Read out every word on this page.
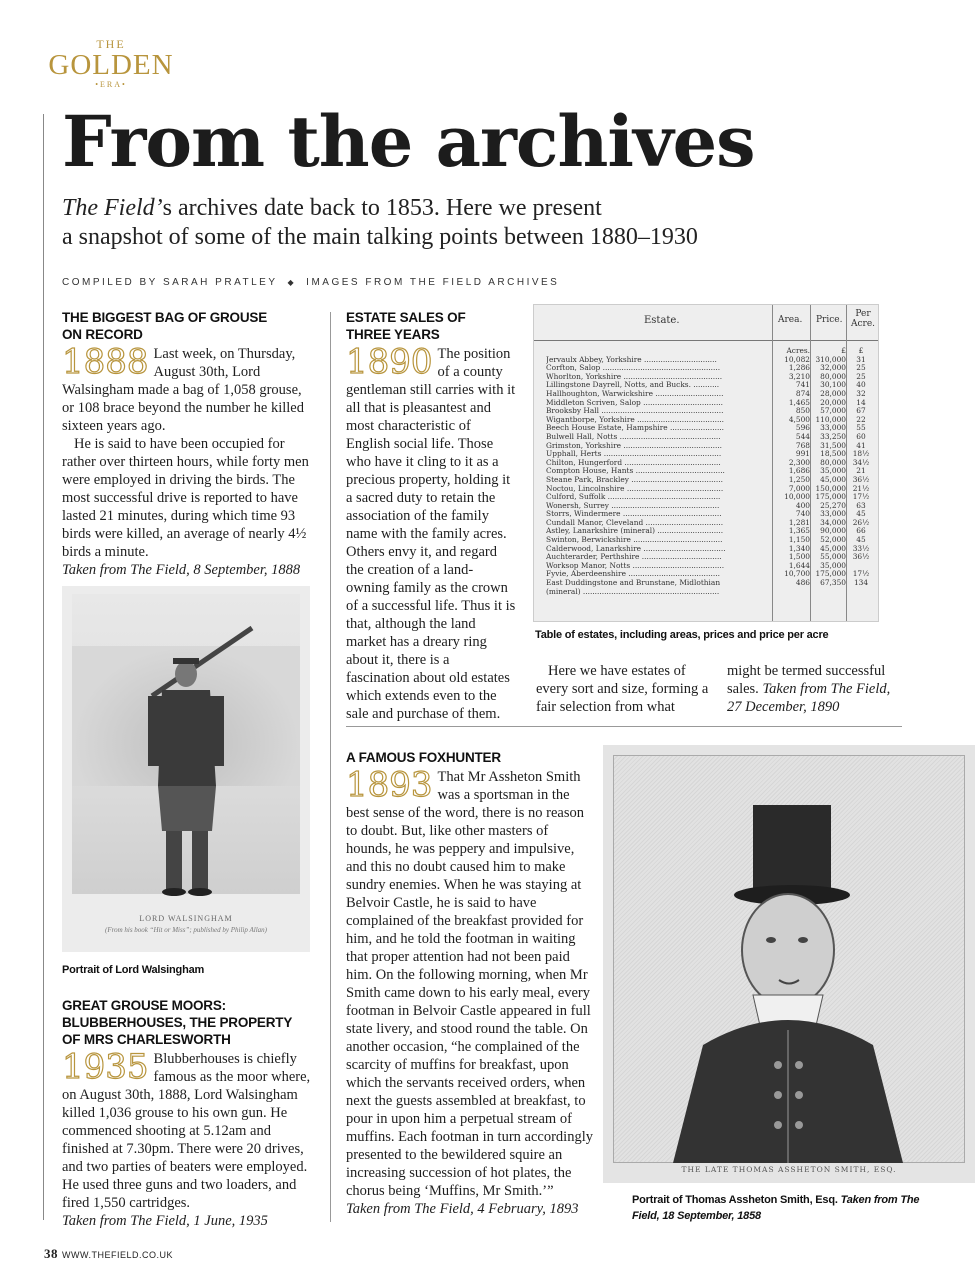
THE
GOLDEN
•ERA•
From the archives
The Field’s archives date back to 1853. Here we present
a snapshot of some of the main talking points between 1880–1930
COMPILED BY SARAH PRATLEY ◆ IMAGES FROM THE FIELD ARCHIVES
THE BIGGEST BAG OF GROUSE
ON RECORD

1888 Last week, on Thursday, August 30th, Lord Walsingham made a bag of 1,058 grouse, or 108 brace beyond the number he killed sixteen years ago.

He is said to have been occupied for rather over thirteen hours, while forty men were employed in driving the birds. The most successful drive is reported to have lasted 21 minutes, during which time 93 birds were killed, an average of nearly 4½ birds a minute.

Taken from The Field, 8 September, 1888

LORD WALSINGHAM
(From his book “Hit or Miss”; published by Philip Allan)
Portrait of Lord Walsingham
GREAT GROUSE MOORS:
BLUBBERHOUSES, THE PROPERTY
OF MRS CHARLESWORTH

1935 Blubberhouses is chiefly famous as the moor where, on August 30th, 1888, Lord Walsingham killed 1,036 grouse to his own gun. He commenced shooting at 5.12am and finished at 7.30pm. There were 20 drives, and two parties of beaters were employed. He used three guns and two loaders, and fired 1,550 cartridges.

Taken from The Field, 1 June, 1935

ESTATE SALES OF
THREE YEARS

1890 The position of a county gentleman still carries with it all that is pleasantest and most characteristic of English social life. Those who have it cling to it as a precious property, holding it a sacred duty to retain the association of the family name with the family acres. Others envy it, and regard the creation of a land-owning family as the crown of a successful life. Thus it is that, although the land market has a dreary ring about it, there is a fascination about old estates which extends even to the sale and purchase of them.

Estate.	Area. Price.
Per Acre.
Acres.	£	£
Jervaulx Abbey, Yorkshire ...............................	10,082 310,000	31
Corfton, Salop ..................................................	1,286	32,000	25
Whorlton, Yorkshire ..........................................	3,210	80,000	25
Lillingstone Dayrell, Notts, and Bucks. ...........	741	30,100	40
Hallhoughton, Warwickshire .............................	874	28,000	32
Middleton Scriven, Salop ..................................	1,465	20,000	14
Brooksby Hall ....................................................	850	57,000	67
Wigantborpe, Yorkshire .....................................	4,500 110,000	22
Beech House Estate, Hampshire .......................	596	33,000	55
Bulwell Hall, Notts ...........................................	544	33,250	60
Grimston, Yorkshire ..........................................	768	31,500	41
Upphall, Herts ..................................................	991	18,500 18½
Chilton, Hungerford .........................................	2,300	80,000 34½
Compton House, Hants ......................................	1,686	35,000	21
Steane Park, Brackley .......................................	1,250	45,000 36½
Noctou, Lincolnshire .........................................	7,000 150,000 21½
Culford, Suffolk ................................................	10,000 175,000 17½
Wonersh, Surrey ..............................................	400	25,270	63
Storrs, Windermere ..........................................	740	33,000	45
Cundall Manor, Cleveland .................................	1,281	34,000 26½
Astley, Lanarkshire (mineral) ............................	1,365	90,000	66
Swinton, Berwickshire ......................................	1,150	52,000	45
Calderwood, Lanarkshire ...................................	1,340	45,000 33½
Auchterarder, Perthshire ..................................	1,500	55,000 36½
Worksop Manor, Notts .......................................	1,644	35,000
Fyvie, Aberdeenshire .......................................	10,700 175,000 17½
East Duddingstone and Brunstane, Midlothian	486	67,350	134
(mineral) ..........................................................
Table of estates, including areas, prices and price per acre
Here we have estates of every sort and size, forming a fair selection from what
might be termed successful sales. Taken from The Field, 27 December, 1890
A FAMOUS FOXHUNTER

1893 That Mr Assheton Smith was a sportsman in the best sense of the word, there is no reason to doubt. But, like other masters of hounds, he was peppery and impulsive, and this no doubt caused him to make sundry enemies. When he was staying at Belvoir Castle, he is said to have complained of the breakfast provided for him, and he told the footman in waiting that proper attention had not been paid him. On the following morning, when Mr Smith came down to his early meal, every footman in Belvoir Castle appeared in full state livery, and stood round the table. On another occasion, “he complained of the scarcity of muffins for breakfast, upon which the servants received orders, when next the guests assembled at breakfast, to pour in upon him a perpetual stream of muffins. Each footman in turn accordingly presented to the bewildered squire an increasing succession of hot plates, the chorus being ‘Muffins, Mr Smith.’”

Taken from The Field, 4 February, 1893

THE LATE THOMAS ASSHETON SMITH, ESQ.
Portrait of Thomas Assheton Smith, Esq. Taken from The Field, 18 September, 1858
38 WWW.THEFIELD.CO.UK
